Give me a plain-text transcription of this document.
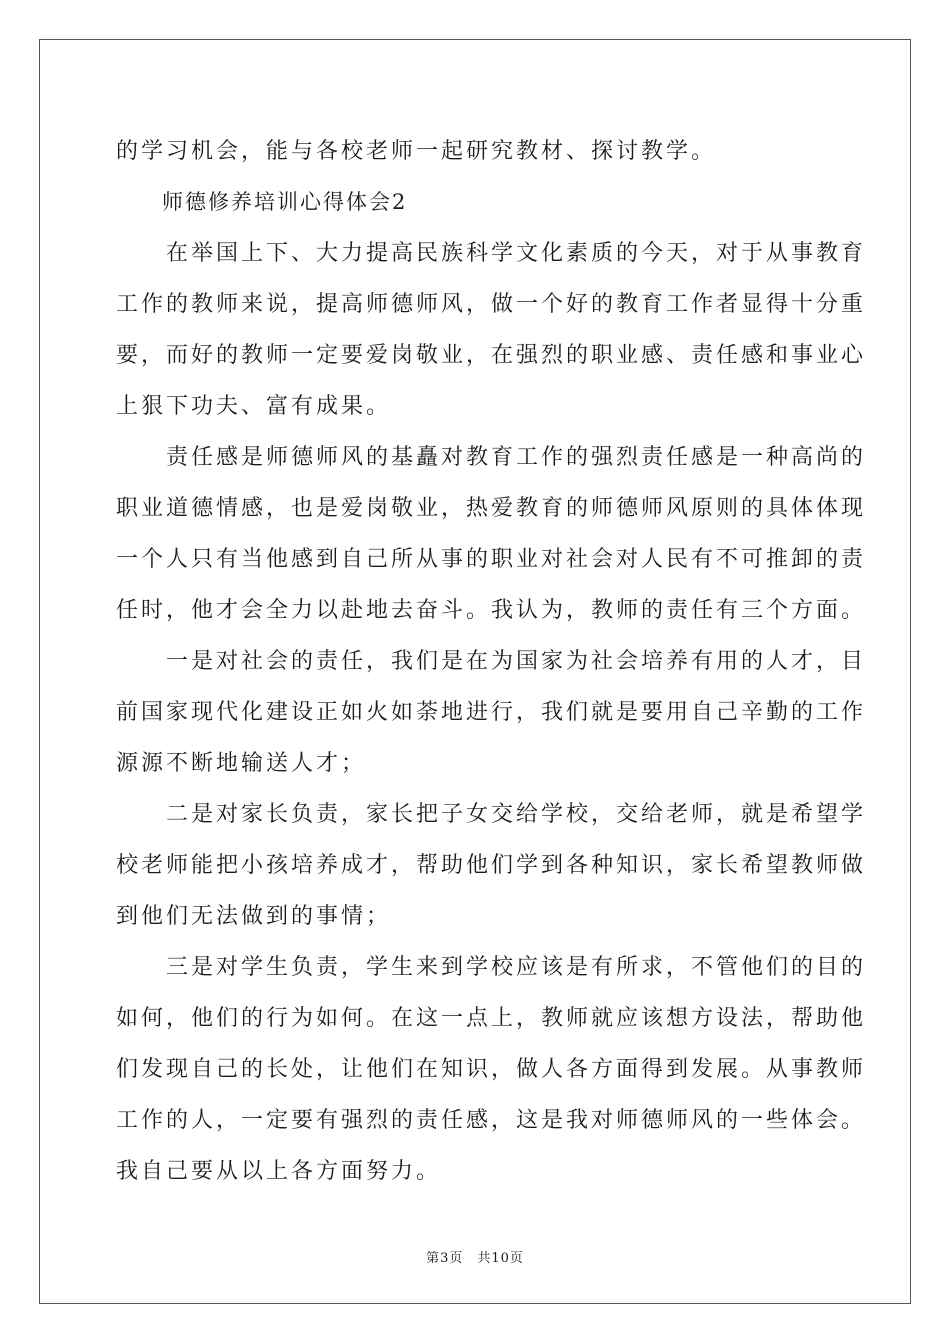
的学习机会，能与各校老师一起研究教材、探讨教学。
　　师德修养培训心得体会2
　　在举国上下、大力提高民族科学文化素质的今天，对于从事教育
工作的教师来说，提高师德师风，做一个好的教育工作者显得十分重
要，而好的教师一定要爱岗敬业，在强烈的职业感、责任感和事业心
上狠下功夫、富有成果。
　　责任感是师德师风的基矗对教育工作的强烈责任感是一种高尚的
职业道德情感，也是爱岗敬业，热爱教育的师德师风原则的具体体现
一个人只有当他感到自己所从事的职业对社会对人民有不可推卸的责
任时，他才会全力以赴地去奋斗。我认为，教师的责任有三个方面。
　　一是对社会的责任，我们是在为国家为社会培养有用的人才，目
前国家现代化建设正如火如荼地进行，我们就是要用自己辛勤的工作
源源不断地输送人才；
　　二是对家长负责，家长把子女交给学校，交给老师，就是希望学
校老师能把小孩培养成才，帮助他们学到各种知识，家长希望教师做
到他们无法做到的事情；
　　三是对学生负责，学生来到学校应该是有所求，不管他们的目的
如何，他们的行为如何。在这一点上，教师就应该想方设法，帮助他
们发现自己的长处，让他们在知识，做人各方面得到发展。从事教师
工作的人，一定要有强烈的责任感，这是我对师德师风的一些体会。
我自己要从以上各方面努力。
第3页　共10页
